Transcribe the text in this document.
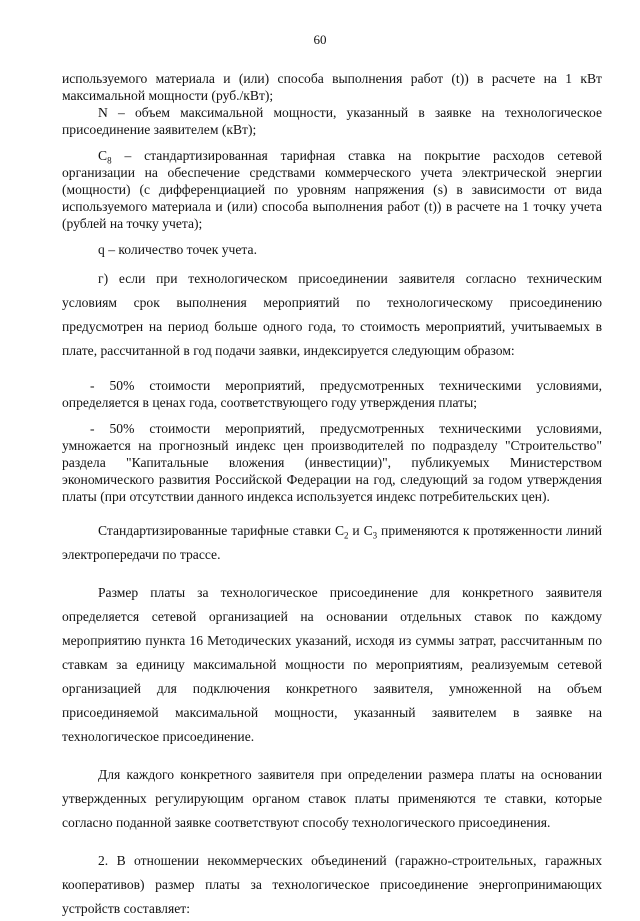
60

используемого материала и (или) способа выполнения работ (t)) в расчете на 1 кВт максимальной мощности (руб./кВт);

N – объем максимальной мощности, указанный в заявке на технологическое присоединение заявителем (кВт);

$C_8$ – стандартизированная тарифная ставка на покрытие расходов сетевой организации на обеспечение средствами коммерческого учета электрической энергии (мощности) (с дифференциацией по уровням напряжения (s) в зависимости от вида используемого материала и (или) способа выполнения работ (t)) в расчете на 1 точку учета (рублей на точку учета);

q – количество точек учета.

г) если при технологическом присоединении заявителя согласно техническим условиям срок выполнения мероприятий по технологическому присоединению предусмотрен на период больше одного года, то стоимость мероприятий, учитываемых в плате, рассчитанной в год подачи заявки, индексируется следующим образом:

- 50% стоимости мероприятий, предусмотренных техническими условиями, определяется в ценах года, соответствующего году утверждения платы;

- 50% стоимости мероприятий, предусмотренных техническими условиями, умножается на прогнозный индекс цен производителей по подразделу "Строительство" раздела "Капитальные вложения (инвестиции)", публикуемых Министерством экономического развития Российской Федерации на год, следующий за годом утверждения платы (при отсутствии данного индекса используется индекс потребительских цен).

Стандартизированные тарифные ставки $C_2$ и $C_3$ применяются к протяженности линий электропередачи по трассе.

Размер платы за технологическое присоединение для конкретного заявителя определяется сетевой организацией на основании отдельных ставок по каждому мероприятию пункта 16 Методических указаний, исходя из суммы затрат, рассчитанным по ставкам за единицу максимальной мощности по мероприятиям, реализуемым сетевой организацией для подключения конкретного заявителя, умноженной на объем присоединяемой максимальной мощности, указанный заявителем в заявке на технологическое присоединение.

Для каждого конкретного заявителя при определении размера платы на основании утвержденных регулирующим органом ставок платы применяются те ставки, которые согласно поданной заявке соответствуют способу технологического присоединения.

2. В отношении некоммерческих объединений (гаражно-строительных, гаражных кооперативов) размер платы за технологическое присоединение энергопринимающих устройств составляет:
